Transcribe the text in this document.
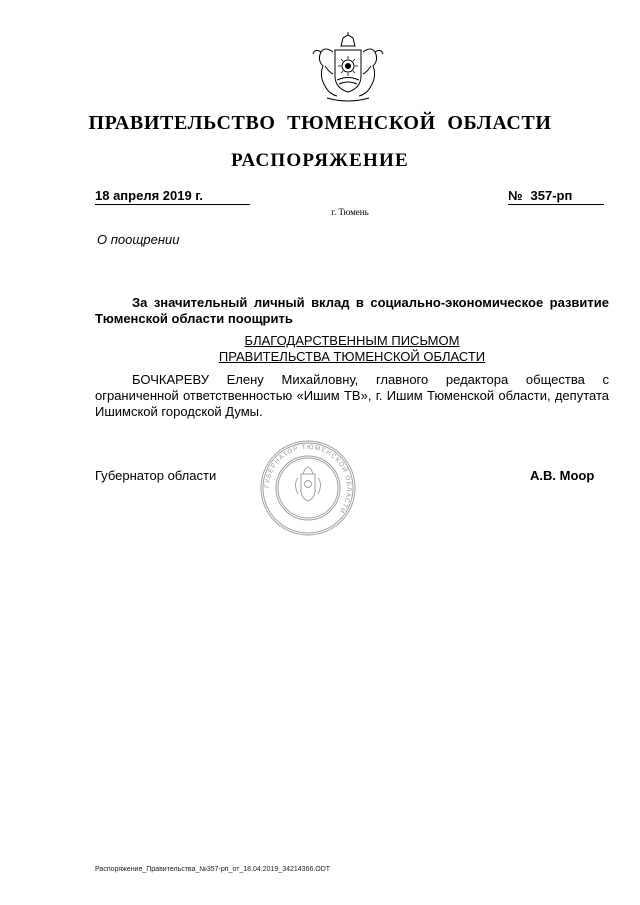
ПРАВИТЕЛЬСТВО ТЮМЕНСКОЙ ОБЛАСТИ
РАСПОРЯЖЕНИЕ
18 апреля 2019 г.	№ 357-рп
г. Тюмень
О поощрении
За значительный личный вклад в социально-экономическое развитие Тюменской области поощрить
БЛАГОДАРСТВЕННЫМ ПИСЬМОМ
ПРАВИТЕЛЬСТВА ТЮМЕНСКОЙ ОБЛАСТИ
БОЧКАРЕВУ Елену Михайловну, главного редактора общества с ограниченной ответственностью «Ишим ТВ», г. Ишим Тюменской области, депутата Ишимской городской Думы.
Губернатор области
ГУБЕРНАТОР ТЮМЕНСКОЙ ОБЛАСТИ
А.В. Моор
Распоряжение_Правительства_№357-рп_от_18.04.2019_34214366.ODT
